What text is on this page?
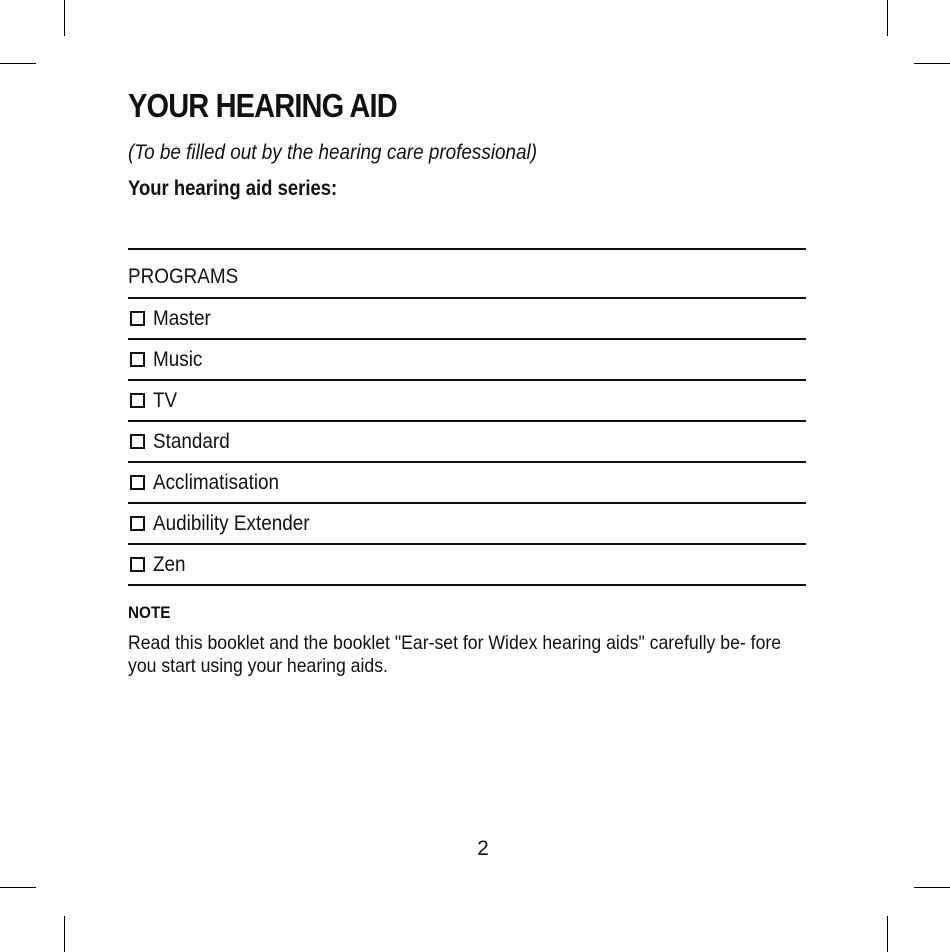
YOUR HEARING AID
(To be filled out by the hearing care professional)
Your hearing aid series:
PROGRAMS
Master
Music
TV
Standard
Acclimatisation
Audibility Extender
Zen
NOTE
Read this booklet and the booklet "Ear-set for Widex hearing aids" carefully be- fore you start using your hearing aids.
2
